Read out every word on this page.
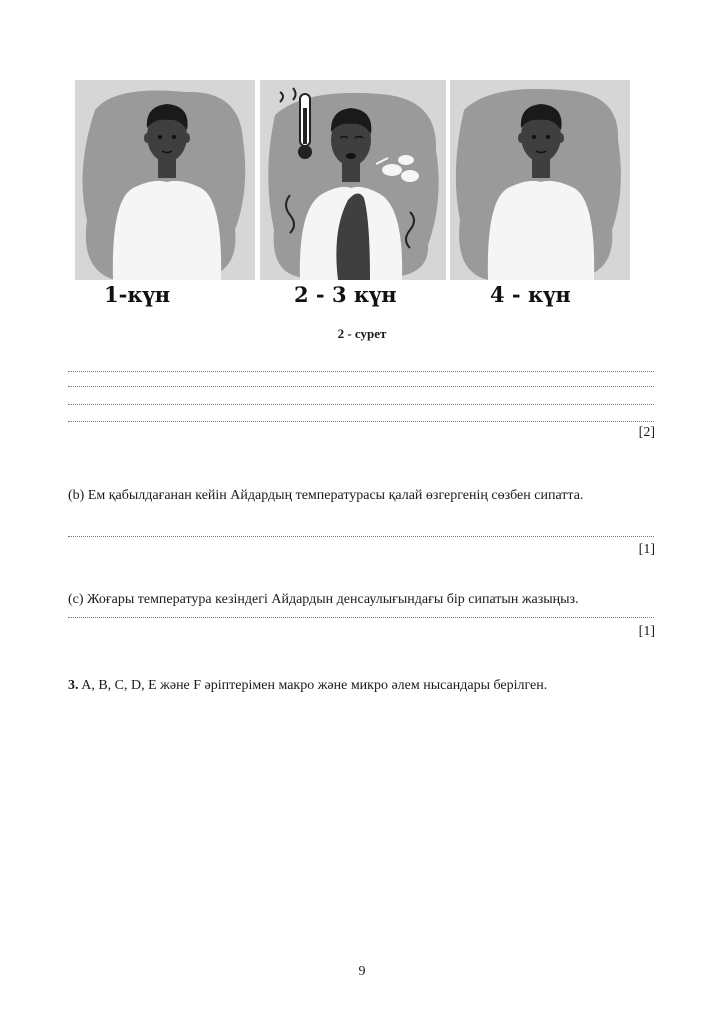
1-күн	2 - 3 күн	4 - күн
2 - сурет
[2]
(b) Ем қабылдағанан кейін Айдардың температурасы қалай өзгергенің сөзбен сипатта.
[1]
(c) Жоғары температура кезіндегі Айдардын денсаулығындағы бір сипатын жазыңыз.
[1]
3. A, B, C, D, E және F әріптерімен макро және микро әлем нысандары берілген.
9
